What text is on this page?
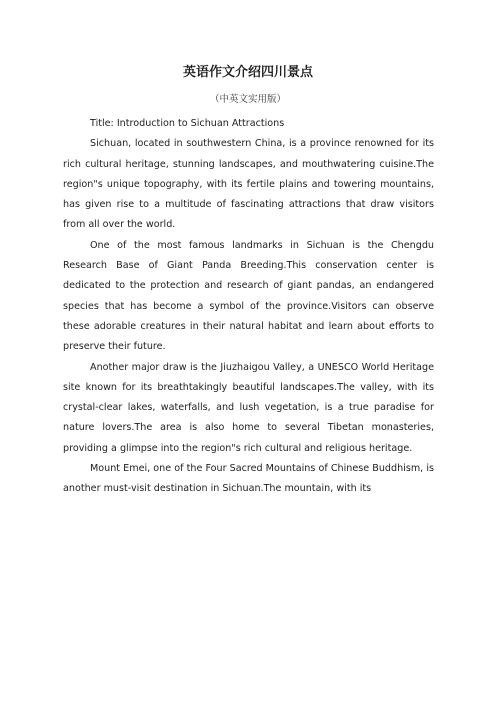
英语作文介绍四川景点

（中英文实用版）

Title: Introduction to Sichuan Attractions

Sichuan, located in southwestern China, is a province renowned for its rich cultural heritage, stunning landscapes, and mouthwatering cuisine.The region"s unique topography, with its fertile plains and towering mountains, has given rise to a multitude of fascinating attractions that draw visitors from all over the world.

One of the most famous landmarks in Sichuan is the Chengdu Research Base of Giant Panda Breeding.This conservation center is dedicated to the protection and research of giant pandas, an endangered species that has become a symbol of the province.Visitors can observe these adorable creatures in their natural habitat and learn about efforts to preserve their future.

Another major draw is the Jiuzhaigou Valley, a UNESCO World Heritage site known for its breathtakingly beautiful landscapes.The valley, with its crystal-clear lakes, waterfalls, and lush vegetation, is a true paradise for nature lovers.The area is also home to several Tibetan monasteries, providing a glimpse into the region"s rich cultural and religious heritage.

Mount Emei, one of the Four Sacred Mountains of Chinese Buddhism, is another must-visit destination in Sichuan.The mountain, with its
